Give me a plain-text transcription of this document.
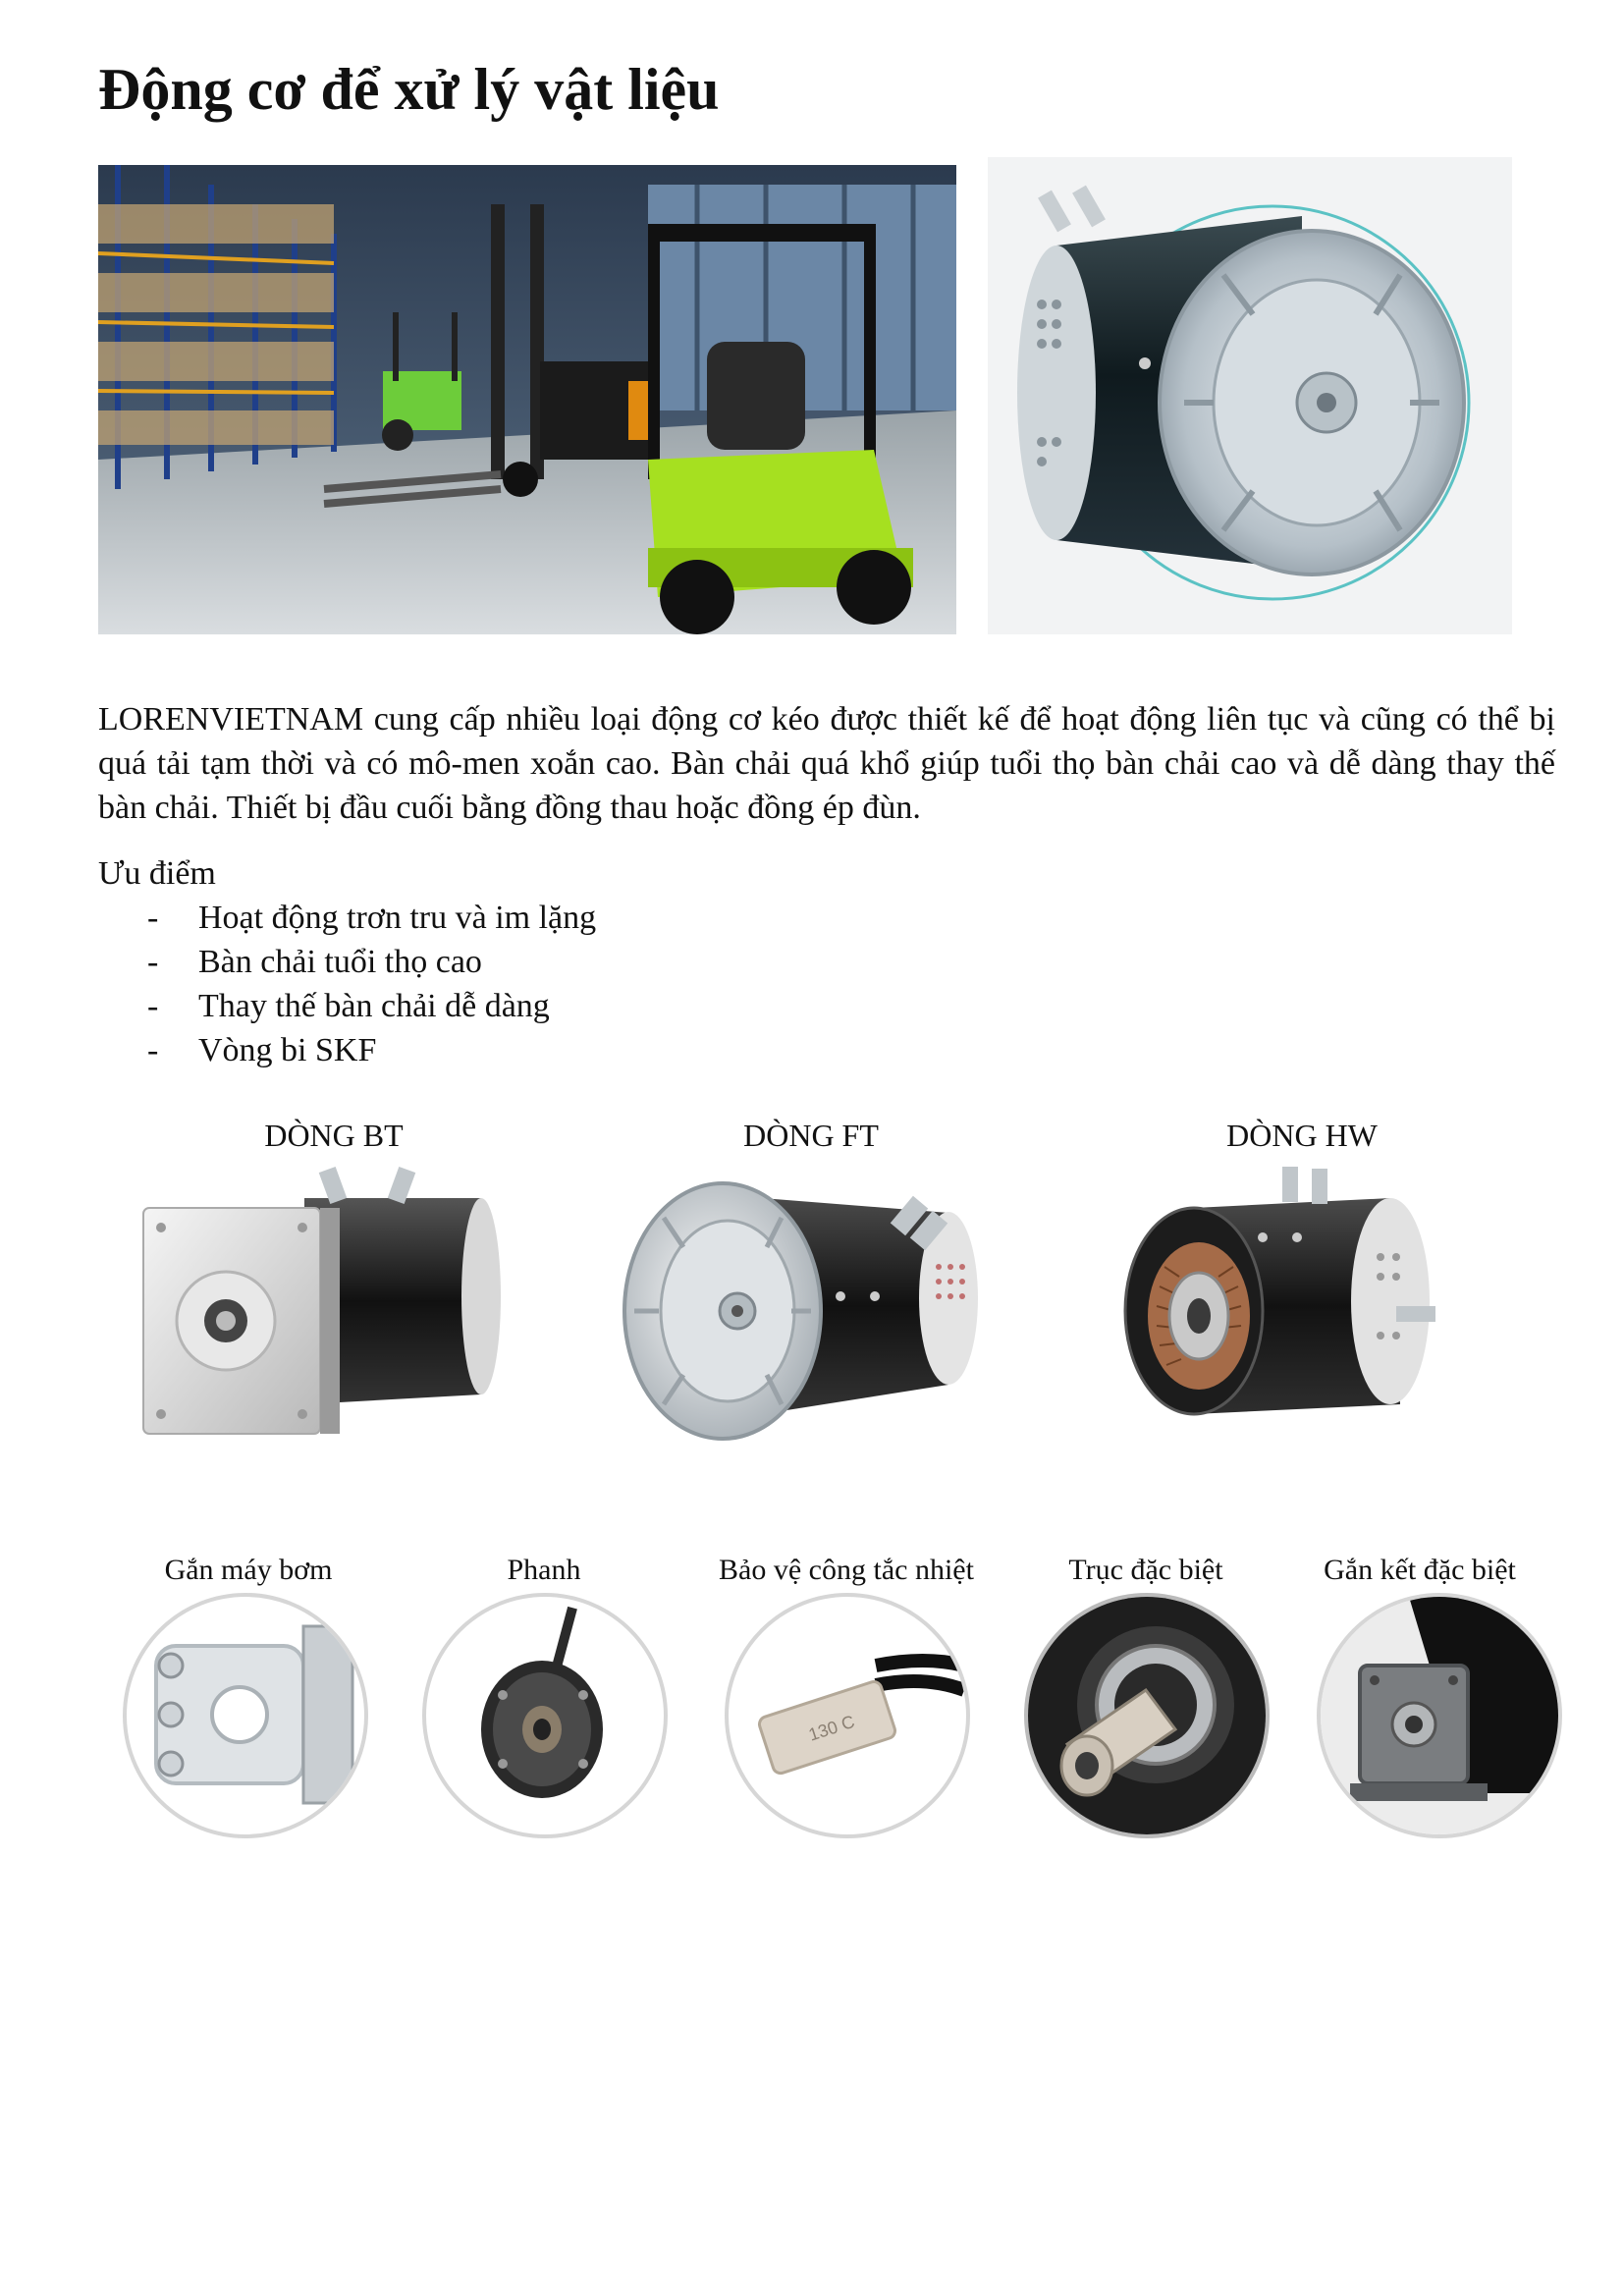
Động cơ để xử lý vật liệu

LORENVIETNAM cung cấp nhiều loại động cơ kéo được thiết kế để hoạt động liên tục và cũng có thể bị quá tải tạm thời và có mô-men xoắn cao. Bàn chải quá khổ giúp tuổi thọ bàn chải cao và dễ dàng thay thế bàn chải. Thiết bị đầu cuối bằng đồng thau hoặc đồng ép đùn.

Ưu điểm
- Hoạt động trơn tru và im lặng
- Bàn chải tuổi thọ cao
- Thay thế bàn chải dễ dàng
- Vòng bi SKF
DÒNG BT	DÒNG FT	DÒNG HW
Gắn máy bơm	Phanh	Bảo vệ công tắc nhiệt	Trục đặc biệt	Gắn kết đặc biệt
130 C
